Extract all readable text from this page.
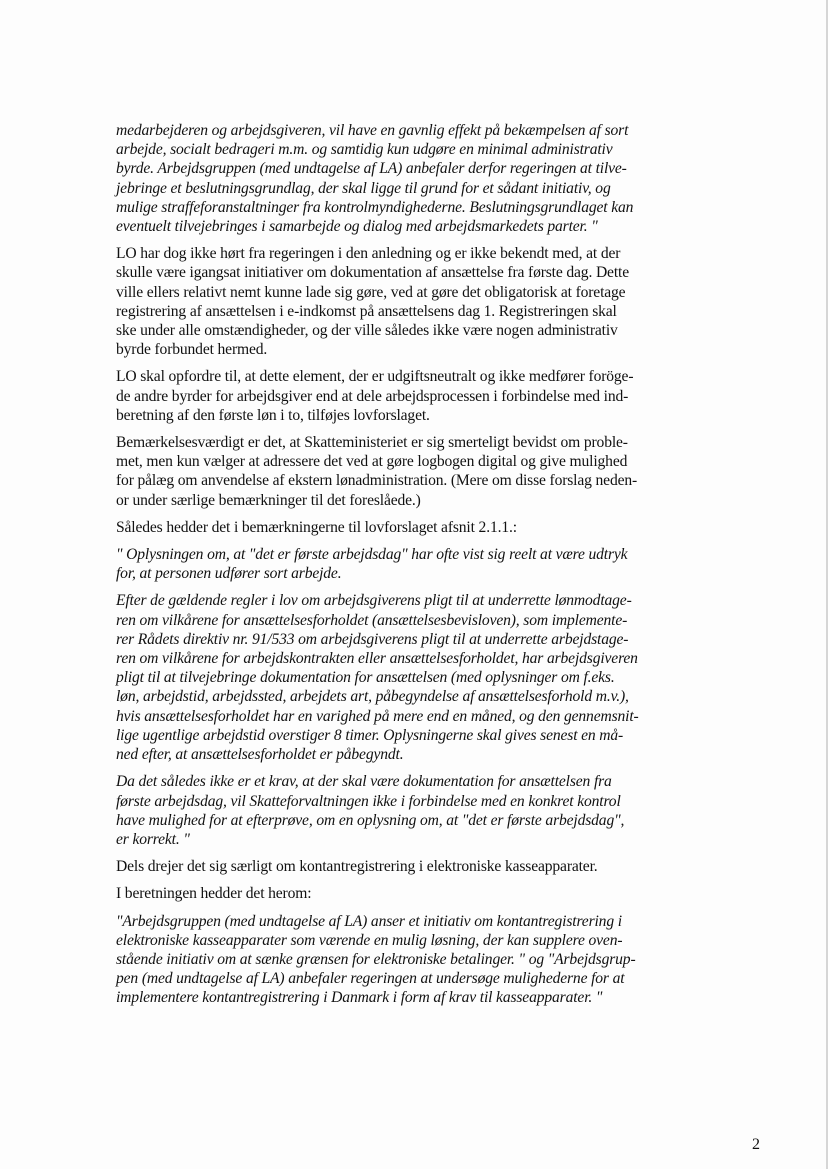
medarbejderen og arbejdsgiveren, vil have en gavnlig effekt på bekæmpelsen af sort
arbejde, socialt bedrageri m.m. og samtidig kun udgøre en minimal administrativ
byrde. Arbejdsgruppen (med undtagelse af LA) anbefaler derfor regeringen at tilve-
jebringe et beslutningsgrundlag, der skal ligge til grund for et sådant initiativ, og
mulige straffeforanstaltninger fra kontrolmyndighederne. Beslutningsgrundlaget kan
eventuelt tilvejebringes i samarbejde og dialog med arbejdsmarkedets parter. "

LO har dog ikke hørt fra regeringen i den anledning og er ikke bekendt med, at der
skulle være igangsat initiativer om dokumentation af ansættelse fra første dag. Dette
ville ellers relativt nemt kunne lade sig gøre, ved at gøre det obligatorisk at foretage
registrering af ansættelsen i e-indkomst på ansættelsens dag 1. Registreringen skal
ske under alle omstændigheder, og der ville således ikke være nogen administrativ
byrde forbundet hermed.

LO skal opfordre til, at dette element, der er udgiftsneutralt og ikke medfører foröge-
de andre byrder for arbejdsgiver end at dele arbejdsprocessen i forbindelse med ind-
beretning af den første løn i to, tilføjes lovforslaget.

Bemærkelsesværdigt er det, at Skatteministeriet er sig smerteligt bevidst om proble-
met, men kun vælger at adressere det ved at gøre logbogen digital og give mulighed
for pålæg om anvendelse af ekstern lønadministration. (Mere om disse forslag neden-
or under særlige bemærkninger til det foreslåede.)

Således hedder det i bemærkningerne til lovforslaget afsnit 2.1.1.:

" Oplysningen om, at "det er første arbejdsdag" har ofte vist sig reelt at være udtryk
for, at personen udfører sort arbejde.

Efter de gældende regler i lov om arbejdsgiverens pligt til at underrette lønmodtage-
ren om vilkårene for ansættelsesforholdet (ansættelsesbevisloven), som implemente-
rer Rådets direktiv nr. 91/533 om arbejdsgiverens pligt til at underrette arbejdstage-
ren om vilkårene for arbejdskontrakten eller ansættelsesforholdet, har arbejdsgiveren
pligt til at tilvejebringe dokumentation for ansættelsen (med oplysninger om f.eks.
løn, arbejdstid, arbejdssted, arbejdets art, påbegyndelse af ansættelsesforhold m.v.),
hvis ansættelsesforholdet har en varighed på mere end en måned, og den gennemsnit-
lige ugentlige arbejdstid overstiger 8 timer. Oplysningerne skal gives senest en må-
ned efter, at ansættelsesforholdet er påbegyndt.

Da det således ikke er et krav, at der skal være dokumentation for ansættelsen fra
første arbejdsdag, vil Skatteforvaltningen ikke i forbindelse med en konkret kontrol
have mulighed for at efterprøve, om en oplysning om, at "det er første arbejdsdag",
er korrekt. "

Dels drejer det sig særligt om kontantregistrering i elektroniske kasseapparater.

I beretningen hedder det herom:

"Arbejdsgruppen (med undtagelse af LA) anser et initiativ om kontantregistrering i
elektroniske kasseapparater som værende en mulig løsning, der kan supplere oven-
stående initiativ om at sænke grænsen for elektroniske betalinger. " og "Arbejdsgrup-
pen (med undtagelse af LA) anbefaler regeringen at undersøge mulighederne for at
implementere kontantregistrering i Danmark i form af krav til kasseapparater. "

2
